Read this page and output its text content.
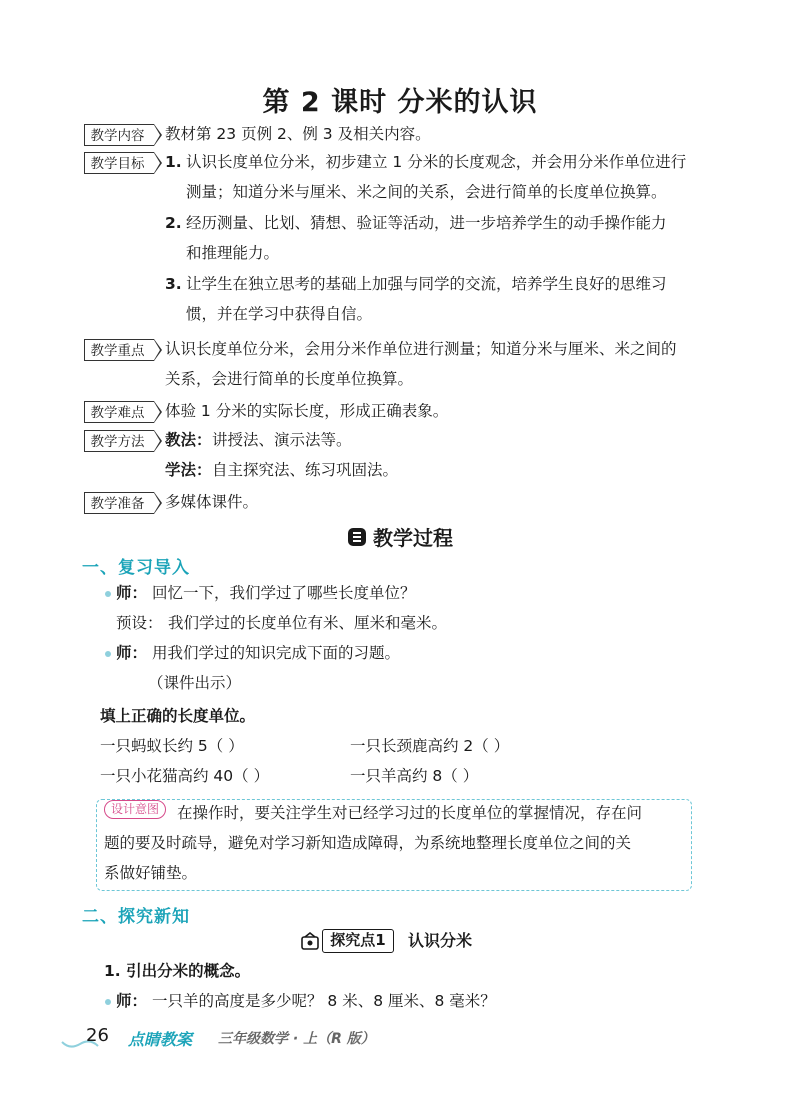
第 2 课时 分米的认识
教学内容	教材第 23 页例 2、例 3 及相关内容。
教学目标	1. 认识长度单位分米，初步建立 1 分米的长度观念，并会用分米作单位进行
测量；知道分米与厘米、米之间的关系，会进行简单的长度单位换算。
2. 经历测量、比划、猜想、验证等活动，进一步培养学生的动手操作能力
和推理能力。
3. 让学生在独立思考的基础上加强与同学的交流，培养学生良好的思维习
惯，并在学习中获得自信。
教学重点	认识长度单位分米，会用分米作单位进行测量；知道分米与厘米、米之间的
关系，会进行简单的长度单位换算。
教学难点	体验 1 分米的实际长度，形成正确表象。
教学方法	教法： 讲授法、演示法等。
学法： 自主探究法、练习巩固法。
教学准备	多媒体课件。
教学过程
一、复习导入
师： 回忆一下，我们学过了哪些长度单位？
预设： 我们学过的长度单位有米、厘米和毫米。
师： 用我们学过的知识完成下面的习题。
（课件出示）
填上正确的长度单位。
一只蚂蚁长约 5（ ）	一只长颈鹿高约 2（ ）
一只小花猫高约 40（ ）	一只羊高约 8（ ）
设计意图	在操作时，要关注学生对已经学习过的长度单位的掌握情况，存在问
题的要及时疏导，避免对学习新知造成障碍，为系统地整理长度单位之间的关
系做好铺垫。
二、探究新知
探究点1	认识分米
1. 引出分米的概念。
师： 一只羊的高度是多少呢？ 8 米、8 厘米、8 毫米？
26 点睛教案 三年级数学 · 上（R 版）
